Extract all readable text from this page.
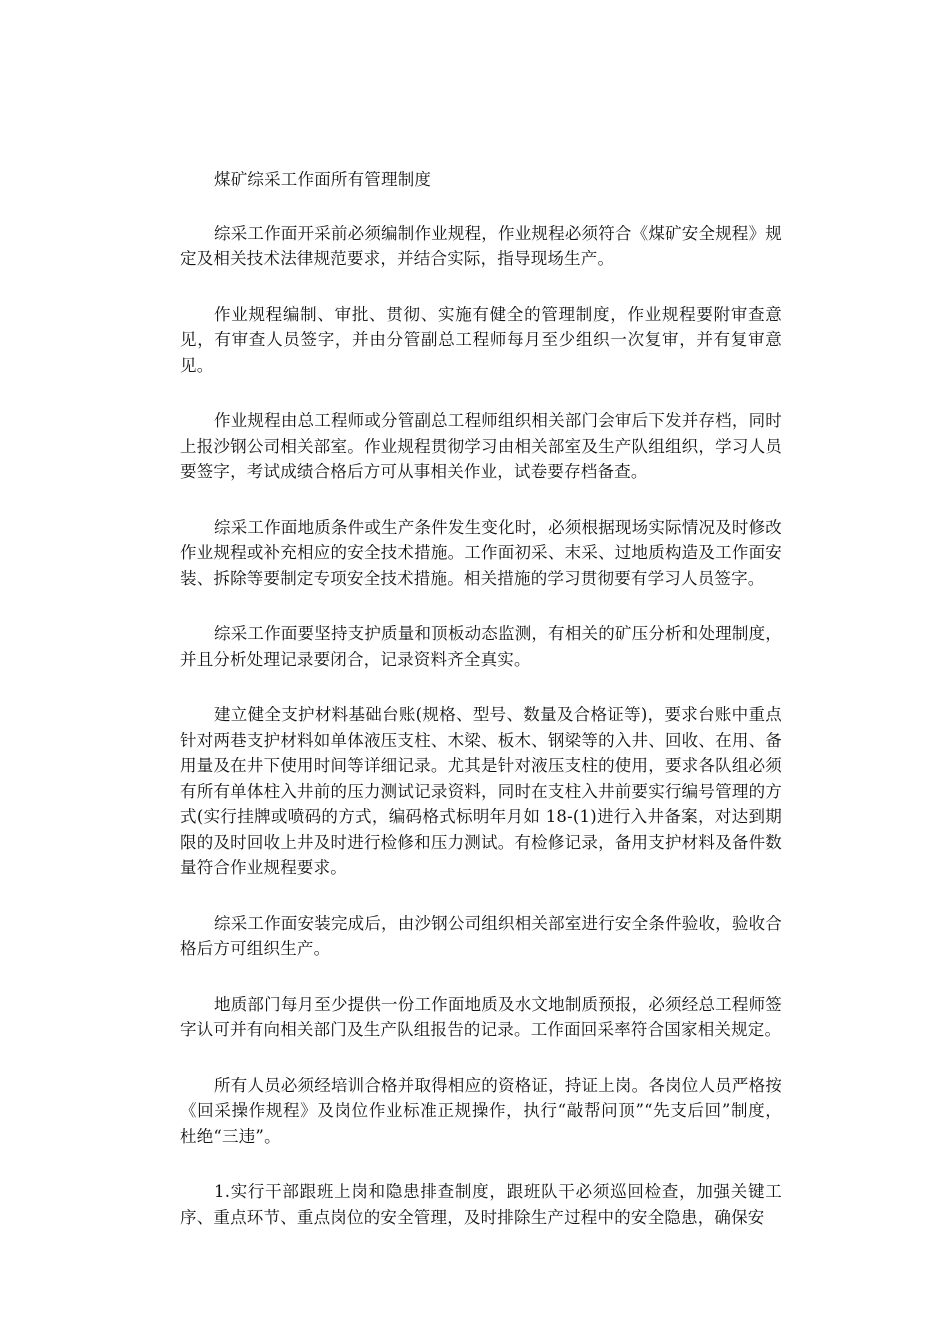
煤矿综采工作面所有管理制度

综采工作面开采前必须编制作业规程，作业规程必须符合《煤矿安全规程》规定及相关技术法律规范要求，并结合实际，指导现场生产。

作业规程编制、审批、贯彻、实施有健全的管理制度，作业规程要附审查意见，有审查人员签字，并由分管副总工程师每月至少组织一次复审，并有复审意见。

作业规程由总工程师或分管副总工程师组织相关部门会审后下发并存档，同时上报沙钢公司相关部室。作业规程贯彻学习由相关部室及生产队组组织，学习人员要签字，考试成绩合格后方可从事相关作业，试卷要存档备查。

综采工作面地质条件或生产条件发生变化时，必须根据现场实际情况及时修改作业规程或补充相应的安全技术措施。工作面初采、末采、过地质构造及工作面安装、拆除等要制定专项安全技术措施。相关措施的学习贯彻要有学习人员签字。

综采工作面要坚持支护质量和顶板动态监测，有相关的矿压分析和处理制度，并且分析处理记录要闭合，记录资料齐全真实。

建立健全支护材料基础台账(规格、型号、数量及合格证等)，要求台账中重点针对两巷支护材料如单体液压支柱、木梁、板木、钢梁等的入井、回收、在用、备用量及在井下使用时间等详细记录。尤其是针对液压支柱的使用，要求各队组必须有所有单体柱入井前的压力测试记录资料，同时在支柱入井前要实行编号管理的方式(实行挂牌或喷码的方式，编码格式标明年月如 18-(1)进行入井备案，对达到期限的及时回收上井及时进行检修和压力测试。有检修记录，备用支护材料及备件数量符合作业规程要求。

综采工作面安装完成后，由沙钢公司组织相关部室进行安全条件验收，验收合格后方可组织生产。

地质部门每月至少提供一份工作面地质及水文地制质预报，必须经总工程师签字认可并有向相关部门及生产队组报告的记录。工作面回采率符合国家相关规定。

所有人员必须经培训合格并取得相应的资格证，持证上岗。各岗位人员严格按《回采操作规程》及岗位作业标准正规操作，执行“敲帮问顶”“先支后回”制度，杜绝“三违”。

1.实行干部跟班上岗和隐患排查制度，跟班队干必须巡回检查，加强关键工序、重点环节、重点岗位的安全管理，及时排除生产过程中的安全隐患，确保安
